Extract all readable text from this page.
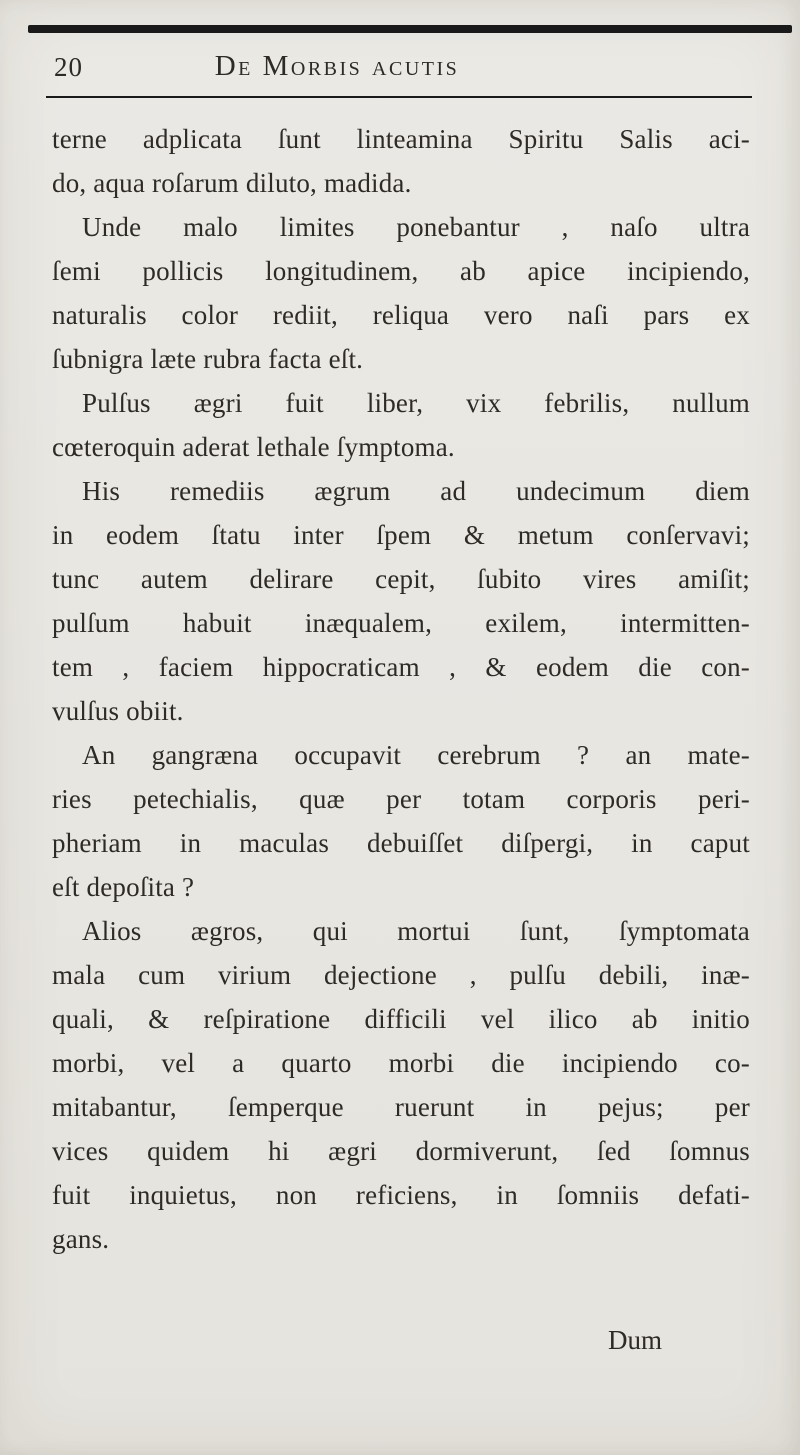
20	De Morbis acutis
terne adplicata ſunt linteamina Spiritu Salis aci-
do, aqua roſarum diluto, madida.
Unde malo limites ponebantur , naſo ultra
ſemi pollicis longitudinem, ab apice incipiendo,
naturalis color rediit, reliqua vero naſi pars ex
ſubnigra læte rubra facta eſt.
Pulſus ægri fuit liber, vix febrilis, nullum
cœteroquin aderat lethale ſymptoma.
His remediis ægrum ad undecimum diem
in eodem ſtatu inter ſpem & metum conſervavi;
tunc autem delirare cepit, ſubito vires amiſit;
pulſum habuit inæqualem, exilem, intermitten-
tem , faciem hippocraticam , & eodem die con-
vulſus obiit.
An gangræna occupavit cerebrum ? an mate-
ries petechialis, quæ per totam corporis peri-
pheriam in maculas debuiſſet diſpergi, in caput
eſt depoſita ?
Alios ægros, qui mortui ſunt, ſymptomata
mala cum virium dejectione , pulſu debili, inæ-
quali, & reſpiratione difficili vel ilico ab initio
morbi, vel a quarto morbi die incipiendo co-
mitabantur, ſemperque ruerunt in pejus; per
vices quidem hi ægri dormiverunt, ſed ſomnus
fuit inquietus, non reficiens, in ſomniis defati-
gans.
Dum
